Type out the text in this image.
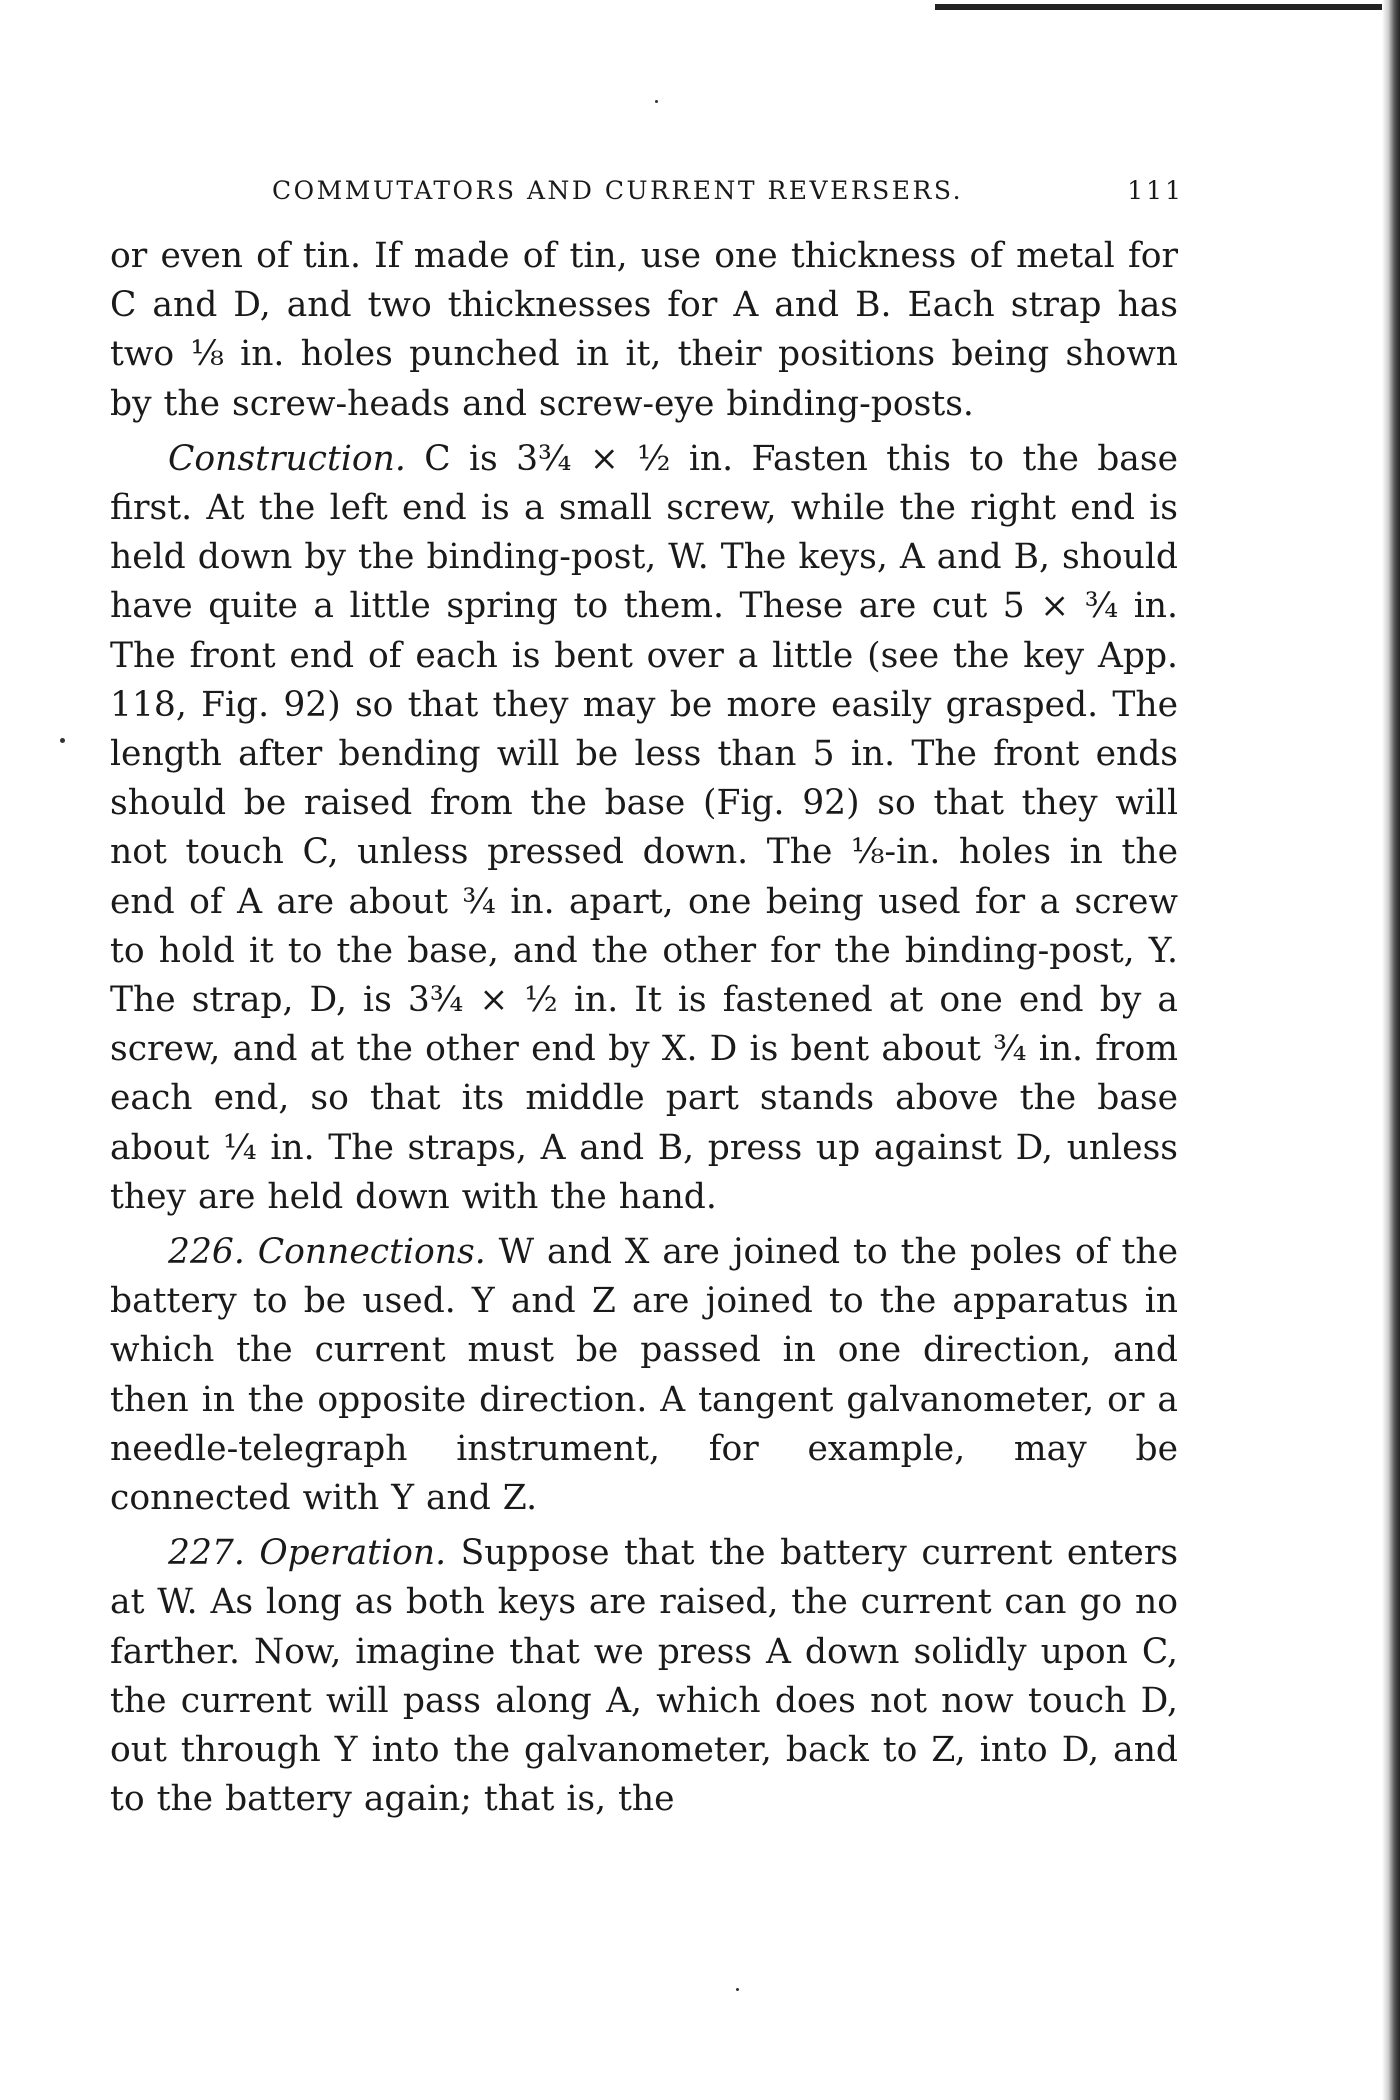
COMMUTATORS AND CURRENT REVERSERS.	111

or even of tin. If made of tin, use one thickness of metal for C and D, and two thicknesses for A and B. Each strap has two ⅛ in. holes punched in it, their positions being shown by the screw-heads and screw-eye binding-posts.

Construction. C is 3¾ × ½ in. Fasten this to the base first. At the left end is a small screw, while the right end is held down by the binding-post, W. The keys, A and B, should have quite a little spring to them. These are cut 5 × ¾ in. The front end of each is bent over a little (see the key App. 118, Fig. 92) so that they may be more easily grasped. The length after bending will be less than 5 in. The front ends should be raised from the base (Fig. 92) so that they will not touch C, unless pressed down. The ⅛-in. holes in the end of A are about ¾ in. apart, one being used for a screw to hold it to the base, and the other for the binding-post, Y. The strap, D, is 3¾ × ½ in. It is fastened at one end by a screw, and at the other end by X. D is bent about ¾ in. from each end, so that its middle part stands above the base about ¼ in. The straps, A and B, press up against D, unless they are held down with the hand.

226. Connections. W and X are joined to the poles of the battery to be used. Y and Z are joined to the apparatus in which the current must be passed in one direction, and then in the opposite direction. A tangent galvanometer, or a needle-telegraph instrument, for example, may be connected with Y and Z.

227. Operation. Suppose that the battery current enters at W. As long as both keys are raised, the current can go no farther. Now, imagine that we press A down solidly upon C, the current will pass along A, which does not now touch D, out through Y into the galvanometer, back to Z, into D, and to the battery again; that is, the
